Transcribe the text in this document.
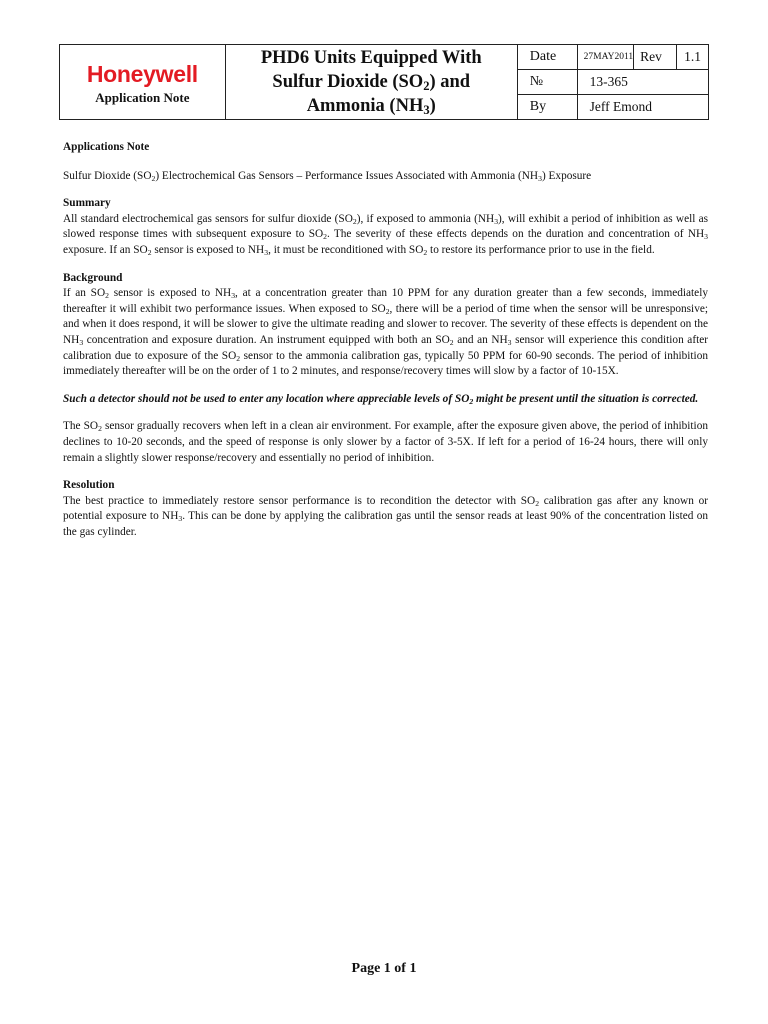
Honeywell
Application Note	PHD6 Units Equipped With
Sulfur Dioxide $(SO_2)$ and
Ammonia $(NH_3)$	Date	27MAY2011	Rev	1.1
		№	13-365		
		By	Jeff Emond		

Applications Note

Sulfur Dioxide $(SO_2)$ Electrochemical Gas Sensors – Performance Issues Associated with Ammonia $(NH_3)$ Exposure

Summary

All standard electrochemical gas sensors for sulfur dioxide $(SO_2)$, if exposed to ammonia $(NH_3)$, will exhibit a period of inhibition as well as slowed response times with subsequent exposure to $SO_2$. The severity of these effects depends on the duration and concentration of $NH_3$ exposure. If an $SO_2$ sensor is exposed to $NH_3$, it must be reconditioned with $SO_2$ to restore its performance prior to use in the field.

Background

If an $SO_2$ sensor is exposed to $NH_3$, at a concentration greater than 10 PPM for any duration greater than a few seconds, immediately thereafter it will exhibit two performance issues. When exposed to $SO_2$, there will be a period of time when the sensor will be unresponsive; and when it does respond, it will be slower to give the ultimate reading and slower to recover. The severity of these effects is dependent on the $NH_3$ concentration and exposure duration. An instrument equipped with both an $SO_2$ and an $NH_3$ sensor will experience this condition after calibration due to exposure of the $SO_2$ sensor to the ammonia calibration gas, typically 50 PPM for 60-90 seconds. The period of inhibition immediately thereafter will be on the order of 1 to 2 minutes, and response/recovery times will slow by a factor of 10-15X.

Such a detector should not be used to enter any location where appreciable levels of $SO_2$ might be present until the situation is corrected.

The $SO_2$ sensor gradually recovers when left in a clean air environment. For example, after the exposure given above, the period of inhibition declines to 10-20 seconds, and the speed of response is only slower by a factor of 3-5X. If left for a period of 16-24 hours, there will only remain a slightly slower response/recovery and essentially no period of inhibition.

Resolution

The best practice to immediately restore sensor performance is to recondition the detector with $SO_2$ calibration gas after any known or potential exposure to $NH_3$. This can be done by applying the calibration gas until the sensor reads at least 90% of the concentration listed on the gas cylinder.

Page 1 of 1
